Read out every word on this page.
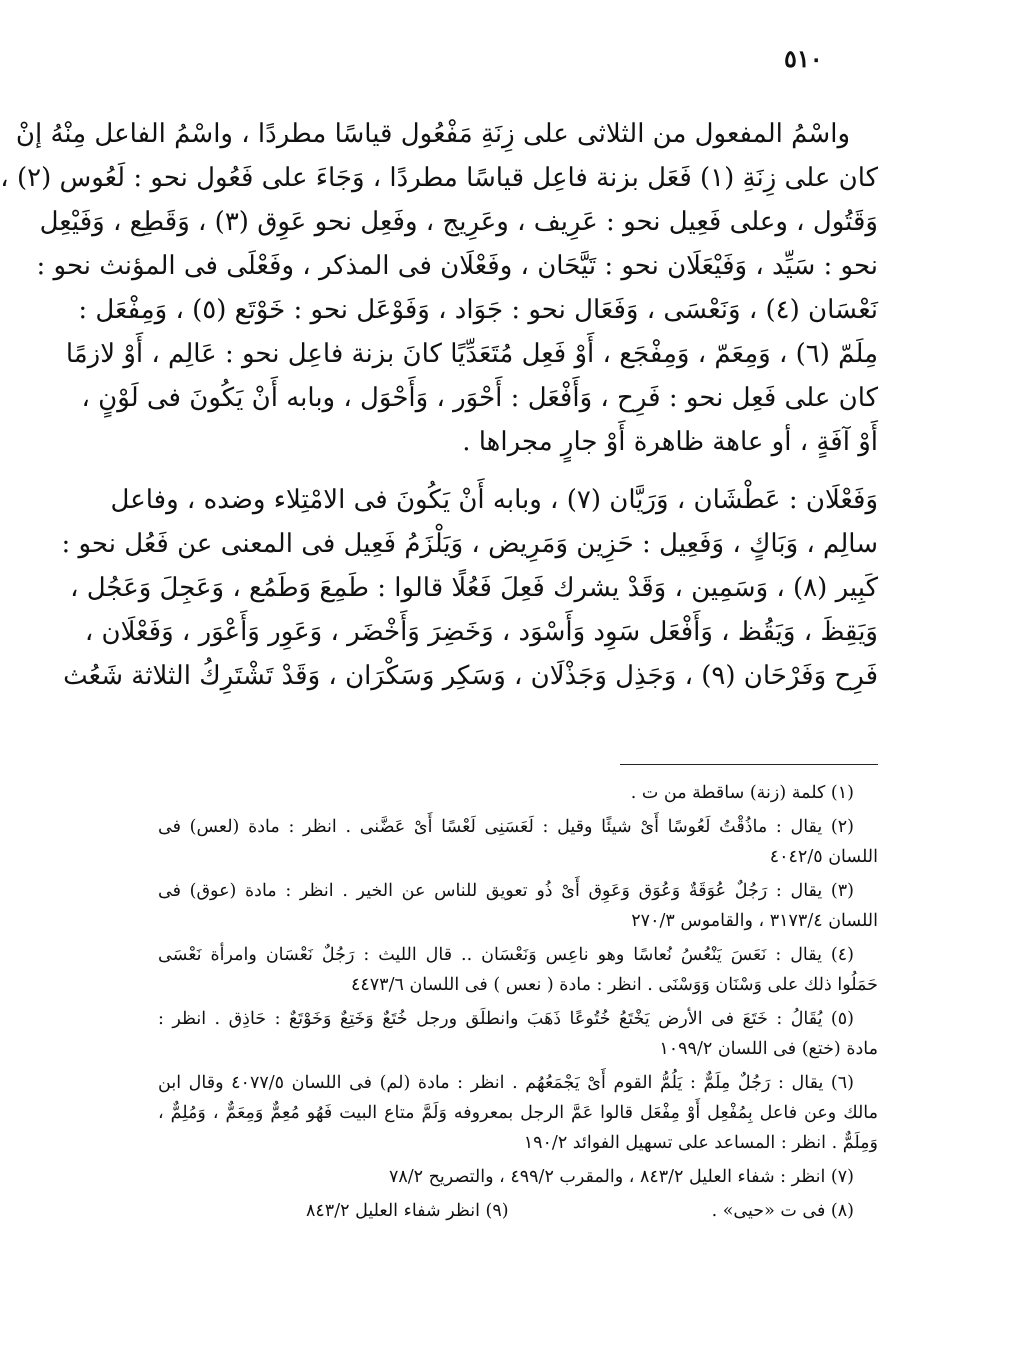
٥١٠
واسْمُ المفعول من الثلاثى على زِنَةِ مَفْعُول قياسًا مطردًا ، واسْمُ الفاعل مِنْهُ إنْ
كان على زِنَةِ (١) فَعَل بزنة فاعِل قياسًا مطردًا ، وَجَاءَ على فَعُول نحو : لَعُوس (٢) ،
وَقَتُول ، وعلى فَعِيل نحو : عَرِيف ، وعَرِيج ، وفَعِل نحو عَوِق (٣) ، وَقَطِع ، وَفَيْعِل
نحو : سَيِّد ، وَفَيْعَلَان نحو : تَيَّحَان ، وفَعْلَان فى المذكر ، وفَعْلَى فى المؤنث نحو :
نَعْسَان (٤) ، وَنَعْسَى ، وَفَعَال نحو : جَوَاد ، وَفَوْعَل نحو : خَوْتَع (٥) ، وَمِفْعَل :
مِلَمّ (٦) ، وَمِعَمّ ، وَمِفْجَع ، أَوْ فَعِل مُتَعَدِّيًا كانَ بزنة فاعِل نحو : عَالِم ، أَوْ لازمًا
كان على فَعِل نحو : فَرِح ، وَأَفْعَل : أَحْوَر ، وَأَحْوَل ، وبابه أَنْ يَكُونَ فى لَوْنٍ ،
أَوْ آفَةٍ ، أو عاهة ظاهرة أَوْ جارٍ مجراها .
وَفَعْلَان : عَطْشَان ، وَرَيَّان (٧) ، وبابه أَنْ يَكُونَ فى الامْتِلاء وضده ، وفاعل
سالِم ، وَبَاكٍ ، وَفَعِيل : حَزِين وَمَرِيض ، وَيَلْزَمُ فَعِيل فى المعنى عن فَعُل نحو :
كَبِير (٨) ، وَسَمِين ، وَقَدْ يشرك فَعِلَ فَعُلًا قالوا : طَمِعَ وَطَمُع ، وَعَجِلَ وَعَجُل ،
وَيَقِظَ ، وَيَقُظ ، وَأَفْعَل سَوِد وَأَسْوَد ، وَخَضِرَ وَأَخْضَر ، وَعَوِر وَأَعْوَر ، وَفَعْلَان ،
فَرِح وَفَرْحَان (٩) ، وَجَذِل وَجَذْلَان ، وَسَكِر وَسَكْرَان ، وَقَدْ تَشْتَرِكُ الثلاثة شَعُث
(١) كلمة (زنة) ساقطة من ت .
(٢) يقال : ماذُقْتُ لَعُوسًا أَىْ شيئًا وقيل : لَعَسَنِى لَعْسًا أَىْ عَضَّنى . انظر : مادة (لعس) فى
اللسان ٤٠٤٢/٥
(٣) يقال : رَجُلٌ عُوَقَةٌ وَعُوَق وَعَوِق أَىْ ذُو تعويق للناس عن الخير . انظر : مادة (عوق) فى
اللسان ٣١٧٣/٤ ، والقاموس ٢٧٠/٣
(٤) يقال : نَعَسَ يَنْعُسُ نُعاسًا وهو ناعِس وَنَعْسَان .. قال الليث : رَجُلٌ نَعْسَان وامرأة نَعْسَى
حَمَلُوا ذلك على وَسْنَان وَوَسْنَى . انظر : مادة ( نعس ) فى اللسان ٤٤٧٣/٦
(٥) يُقَالُ : خَتَعَ فى الأرض يَخْتَعُ خُتُوعًا ذَهَبَ وانطلَق ورجل خُتَعٌ وَخَتِعٌ وَخَوْتَعٌ : حَاذِق . انظر :
مادة (ختع) فى اللسان ١٠٩٩/٢
(٦) يقال : رَجُلٌ مِلَمٌّ : يَلُمُّ القوم أَىْ يَجْمَعُهُم . انظر : مادة (لم) فى اللسان ٤٠٧٧/٥ وقال ابن
مالك وعن فاعل بِمُفْعِل أَوْ مِفْعَل قالوا عَمَّ الرجل بمعروفه وَلَمَّ متاع البيت فَهُو مُعِمٌّ وَمِعَمٌّ ، وَمُلِمٌّ ،
وَمِلَمٌّ . انظر : المساعد على تسهيل الفوائد ١٩٠/٢
(٧) انظر : شفاء العليل ٨٤٣/٢ ، والمقرب ٤٩٩/٢ ، والتصريح ٧٨/٢
(٨) فى ت «حيى» .
(٩) انظر شفاء العليل ٨٤٣/٢
